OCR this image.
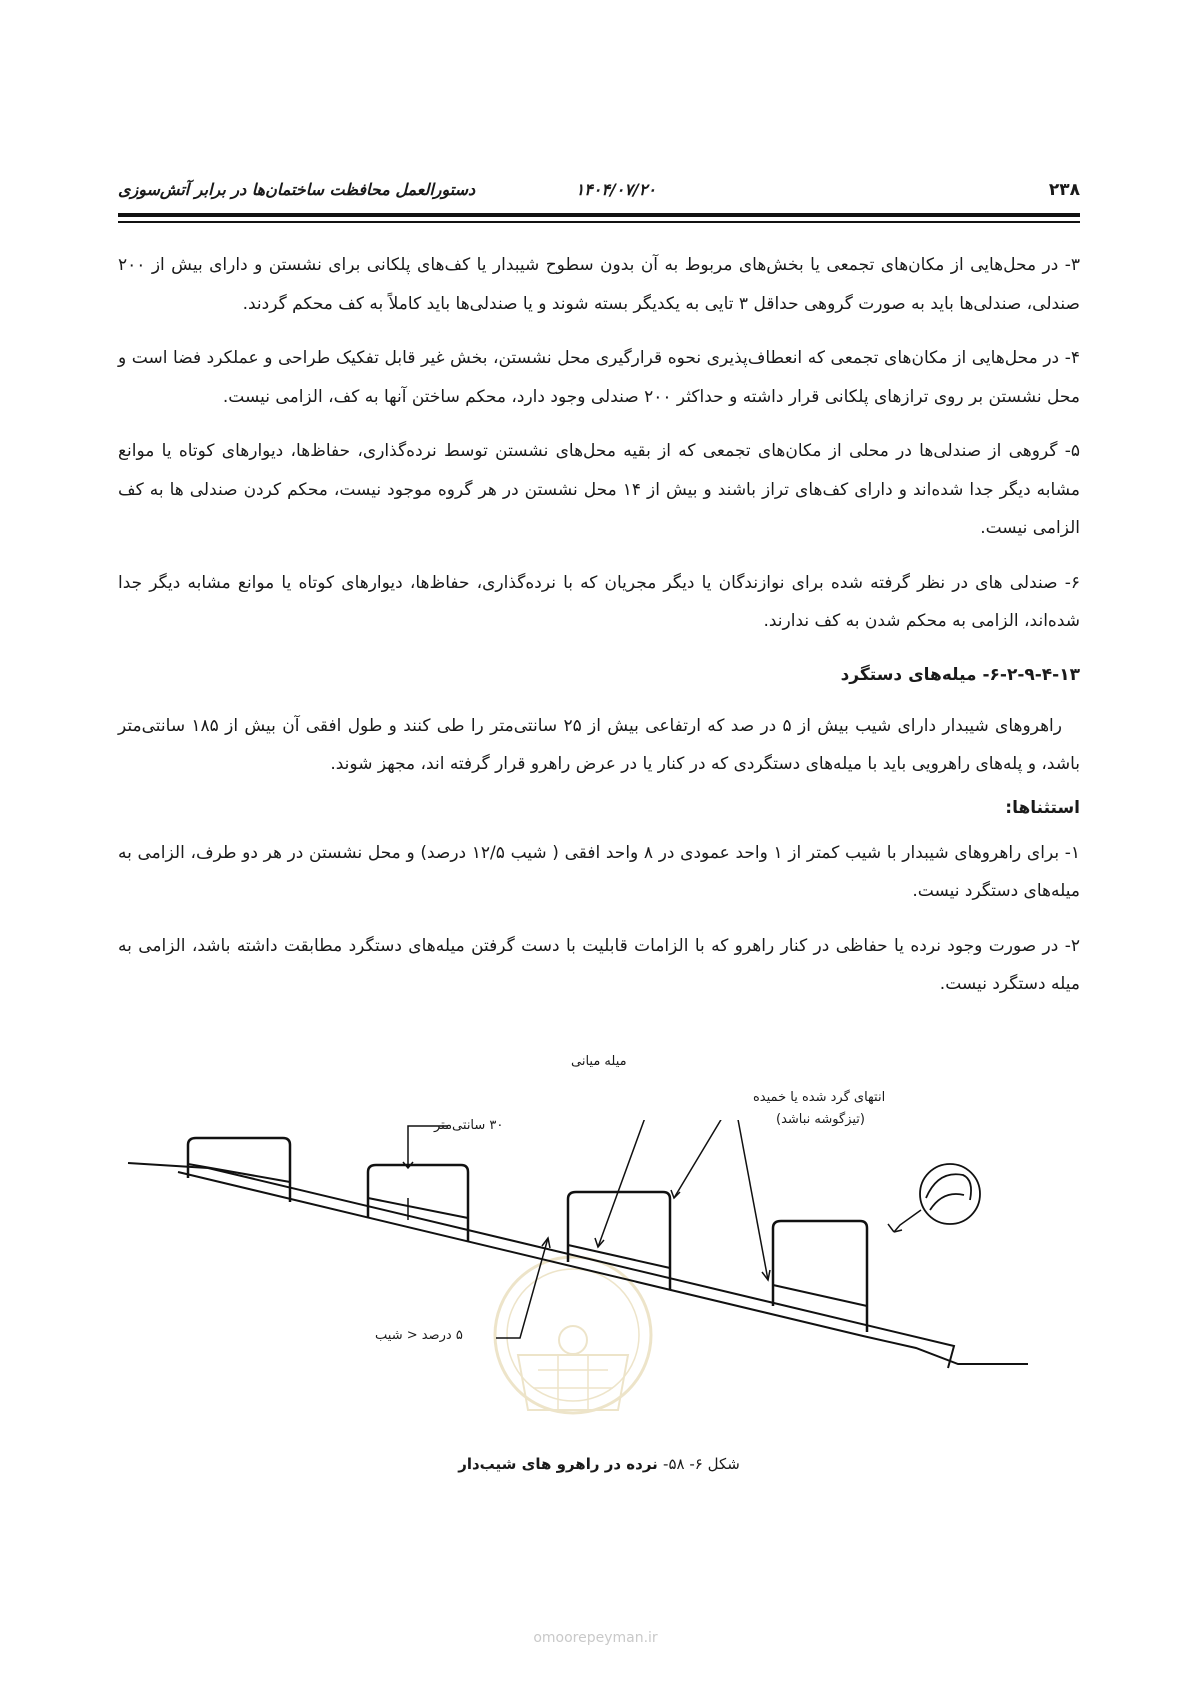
۲۳۸
۱۴۰۴/۰۷/۲۰
دستورالعمل محافظت ساختمان‌ها در برابر آتش‌سوزی

۳- در محل‌هایی از مکان‌های تجمعی یا بخش‌های مربوط به آن بدون سطوح شیبدار یا کف‌های پلکانی برای نشستن و دارای بیش از ۲۰۰ صندلی، صندلی‌ها باید به صورت گروهی حداقل ۳ تایی به یکدیگر بسته شوند و یا صندلی‌ها باید کاملاً به کف محکم گردند.

۴- در محل‌هایی از مکان‌های تجمعی که انعطاف‌پذیری نحوه قرارگیری محل نشستن، بخش غیر قابل تفکیک طراحی و عملکرد فضا است و محل نشستن بر روی ترازهای پلکانی قرار داشته و حداکثر ۲۰۰ صندلی وجود دارد، محکم ساختن آنها به کف، الزامی نیست.

۵- گروهی از صندلی‌ها در محلی از مکان‌های تجمعی که از بقیه محل‌های نشستن توسط نرده‌گذاری، حفاظ‌ها، دیوارهای کوتاه یا موانع مشابه دیگر جدا شده‌اند و دارای کف‌های تراز باشند و بیش از ۱۴ محل نشستن در هر گروه موجود نیست، محکم کردن صندلی ها به کف الزامی نیست.

۶- صندلی های در نظر گرفته شده برای نوازندگان یا دیگر مجریان که با نرده‌گذاری، حفاظ‌ها، دیوارهای کوتاه یا موانع مشابه دیگر جدا شده‌اند، الزامی به محکم شدن به کف ندارند.

۶-۲-۹-۴-۱۳- میله‌های دستگرد

راهروهای شیبدار دارای شیب بیش از ۵ در صد که ارتفاعی بیش از ۲۵ سانتی‌متر را طی کنند و طول افقی آن بیش از ۱۸۵ سانتی‌متر باشد، و پله‌های راهرویی باید با میله‌های دستگردی که در کنار یا در عرض راهرو قرار گرفته اند، مجهز شوند.

استثناها:

۱- برای راهروهای شیبدار با شیب کمتر از ۱ واحد عمودی در ۸ واحد افقی ( شیب ۱۲/۵ درصد) و محل نشستن در هر دو طرف، الزامی به میله‌های دستگرد نیست.

۲- در صورت وجود نرده یا حفاظی در کنار راهرو که با الزامات قابلیت با دست گرفتن میله‌های دستگرد مطابقت داشته باشد، الزامی به میله دستگرد نیست.

میله میانی
۳۰ سانتی‌متر
انتهای گرد شده یا خمیده
(تیزگوشه نباشد)
۵ درصد < شیب
شکل ۶- ۵۸- نرده در راهرو های شیب‌دار
omoorepeyman.ir
